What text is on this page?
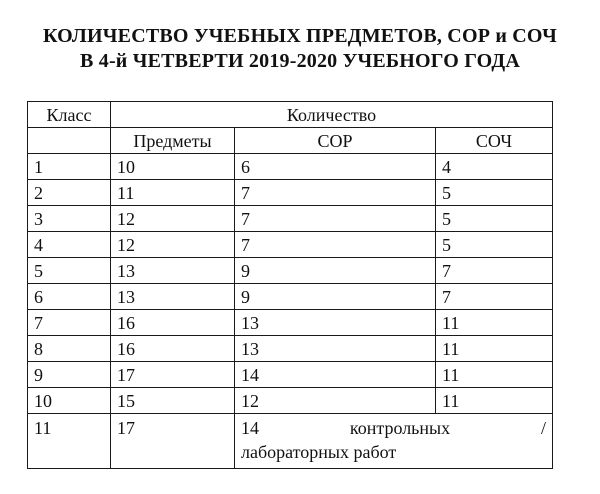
КОЛИЧЕСТВО УЧЕБНЫХ ПРЕДМЕТОВ, СОР и СОЧ
В 4-й ЧЕТВЕРТИ 2019-2020 УЧЕБНОГО ГОДА
Класс	Количество		
	Предметы	СОР	СОЧ
1	10	6	4
2	11	7	5
3	12	7	5
4	12	7	5
5	13	9	7
6	13	9	7
7	16	13	11
8	16	13	11
9	17	14	11
10	15	12	11
11	17	14 контрольных /
лабораторных работ	
